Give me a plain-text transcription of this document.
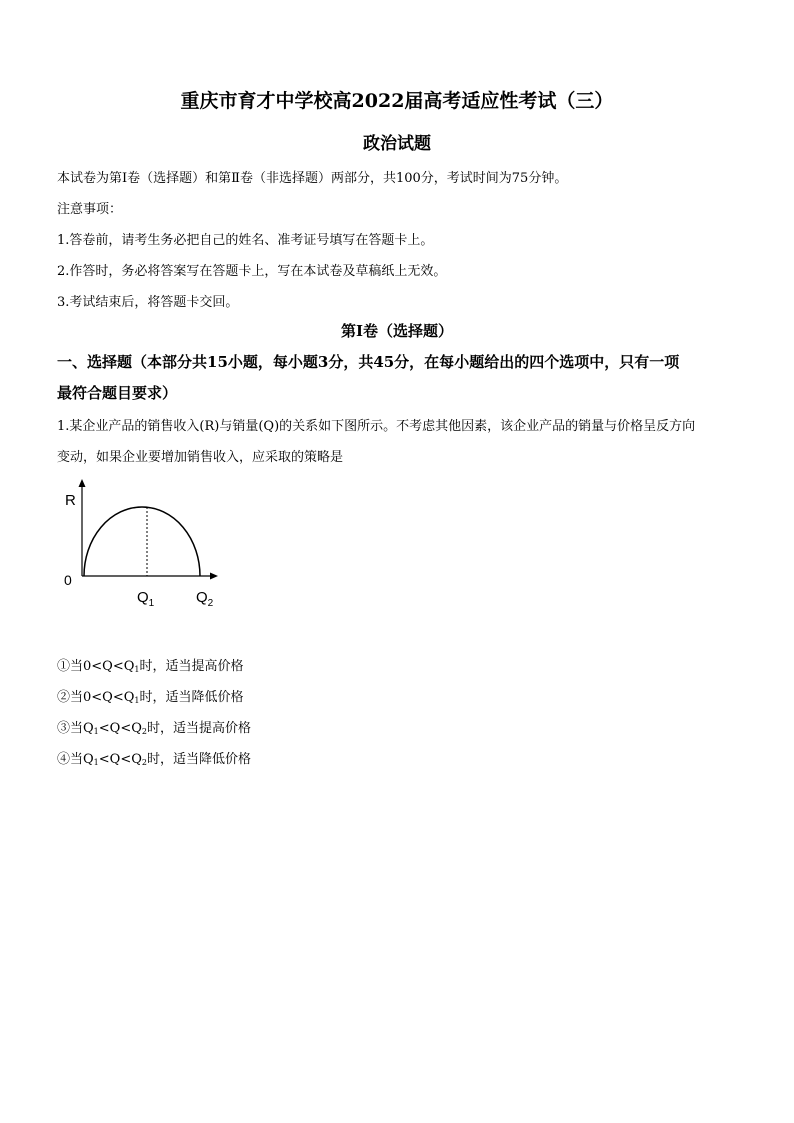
重庆市育才中学校高2022届高考适应性考试（三）
政治试题
本试卷为第Ⅰ卷（选择题）和第Ⅱ卷（非选择题）两部分，共100分，考试时间为75分钟。
注意事项：
1.答卷前，请考生务必把自己的姓名、准考证号填写在答题卡上。
2.作答时，务必将答案写在答题卡上，写在本试卷及草稿纸上无效。
3.考试结束后，将答题卡交回。
第Ⅰ卷（选择题）
一、选择题（本部分共15小题，每小题3分，共45分，在每小题给出的四个选项中，只有一项
最符合题目要求）
1.某企业产品的销售收入(R)与销量(Q)的关系如下图所示。不考虑其他因素，该企业产品的销量与价格呈反方向
变动，如果企业要增加销售收入，应采取的策略是
R
0
$Q_1$	$Q_2$
①当$0<Q<Q_1$时，适当提高价格
②当$0<Q<Q_1$时，适当降低价格
③当$Q_1<Q<Q_2$时，适当提高价格
④当$Q_1<Q<Q_2$时，适当降低价格
